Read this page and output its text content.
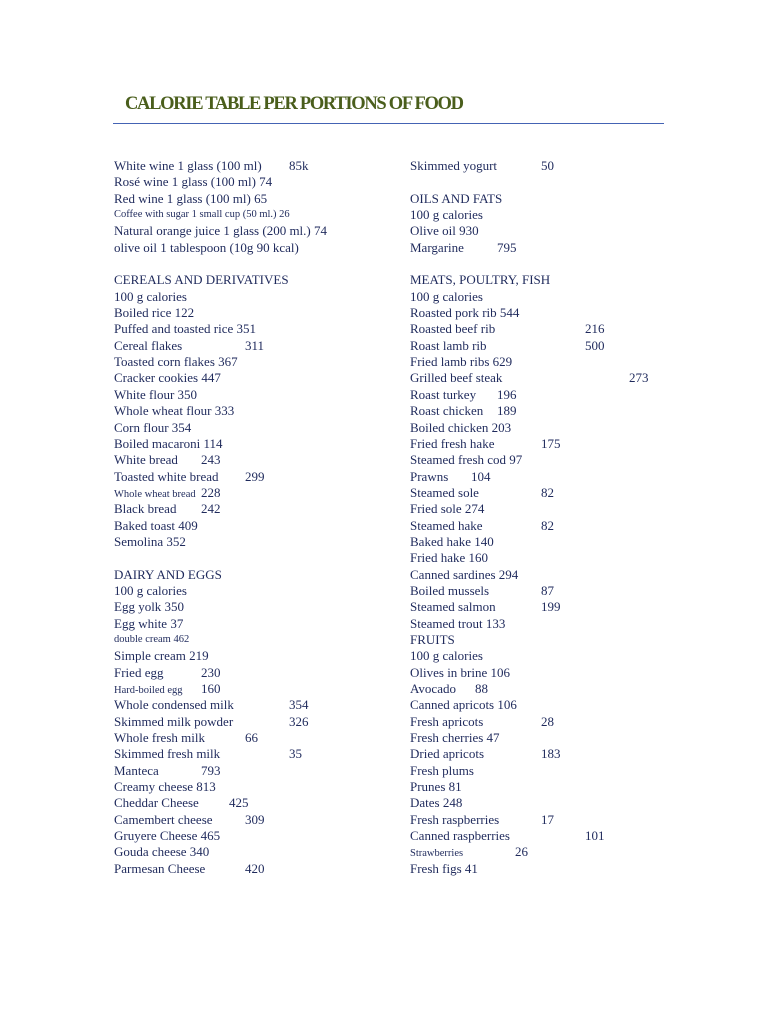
CALORIE TABLE PER PORTIONS OF FOOD
White wine 1 glass (100 ml) 85k
Rosé wine 1 glass (100 ml) 74
Red wine 1 glass (100 ml) 65
Coffee with sugar 1 small cup (50 ml.) 26
Natural orange juice 1 glass (200 ml.) 74
olive oil 1 tablespoon (10g 90 kcal)
CEREALS AND DERIVATIVES
100 g calories
Boiled rice 122
Puffed and toasted rice 351
Cereal flakes	311
Toasted corn flakes 367
Cracker cookies 447
White flour 350
Whole wheat flour 333
Corn flour 354
Boiled macaroni 114
White bread 243
Toasted white bread 299
Whole wheat bread 228
Black bread 242
Baked toast 409
Semolina 352
DAIRY AND EGGS
100 g calories
Egg yolk 350
Egg white 37
double cream 462
Simple cream 219
Fried egg	230
Hard-boiled egg 160
Whole condensed milk	354
Skimmed milk powder	326
Whole fresh milk	66
Skimmed fresh milk	35
Manteca	793
Creamy cheese 813
Cheddar Cheese 425
Camembert cheese 309
Gruyere Cheese 465
Gouda cheese 340
Parmesan Cheese	420
Skimmed yogurt	50
OILS AND FATS
100 g calories
Olive oil 930
Margarine	795
MEATS, POULTRY, FISH
100 g calories
Roasted pork rib 544
Roasted beef rib	216
Roast lamb rib	500
Fried lamb ribs 629
Grilled beef steak	273
Roast turkey 196
Roast chicken 189
Boiled chicken 203
Fried fresh hake	175
Steamed fresh cod 97
Prawns 104
Steamed sole	82
Fried sole 274
Steamed hake	82
Baked hake 140
Fried hake 160
Canned sardines 294
Boiled mussels	87
Steamed salmon	199
Steamed trout 133
FRUITS
100 g calories
Olives in brine 106
Avocado 88
Canned apricots 106
Fresh apricots	28
Fresh cherries 47
Dried apricots	183
Fresh plums
Prunes 81
Dates 248
Fresh raspberries	17
Canned raspberries	101
Strawberries	26
Fresh figs 41
